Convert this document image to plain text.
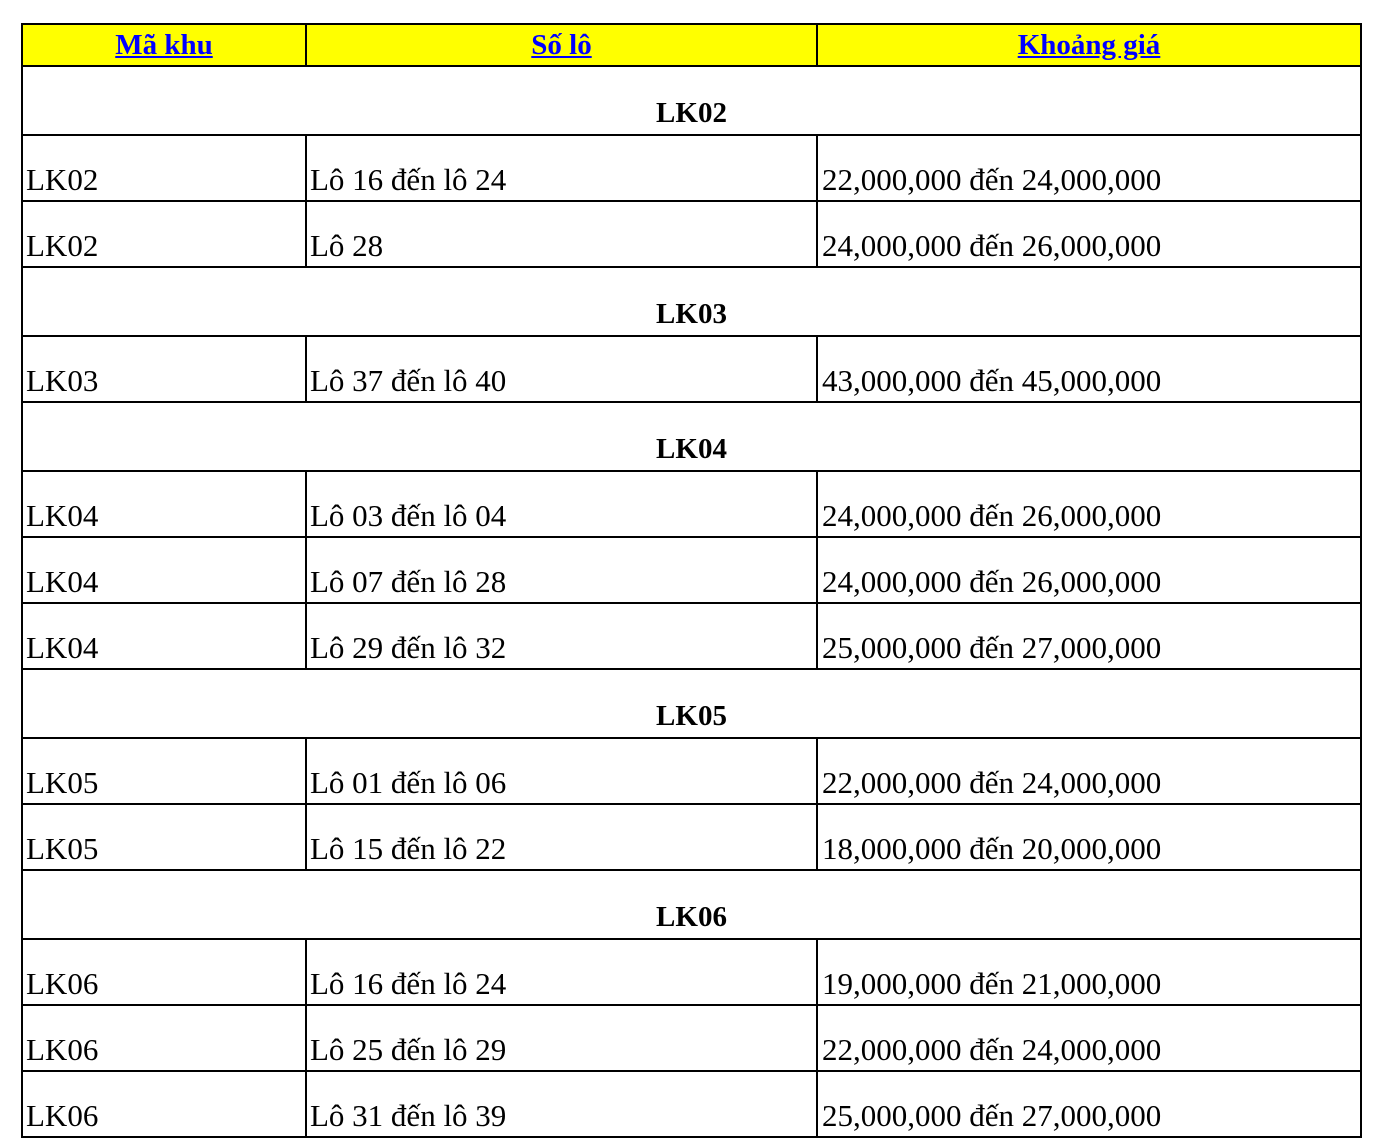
Mã khu	Số lô	Khoảng giá
LK02		
LK02	Lô 16 đến lô 24	22,000,000 đến 24,000,000
LK02	Lô 28	24,000,000 đến 26,000,000
LK03		
LK03	Lô 37 đến lô 40	43,000,000 đến 45,000,000
LK04		
LK04	Lô 03 đến lô 04	24,000,000 đến 26,000,000
LK04	Lô 07 đến lô 28	24,000,000 đến 26,000,000
LK04	Lô 29 đến lô 32	25,000,000 đến 27,000,000
LK05		
LK05	Lô 01 đến lô 06	22,000,000 đến 24,000,000
LK05	Lô 15 đến lô 22	18,000,000 đến 20,000,000
LK06		
LK06	Lô 16 đến lô 24	19,000,000 đến 21,000,000
LK06	Lô 25 đến lô 29	22,000,000 đến 24,000,000
LK06	Lô 31 đến lô 39	25,000,000 đến 27,000,000
